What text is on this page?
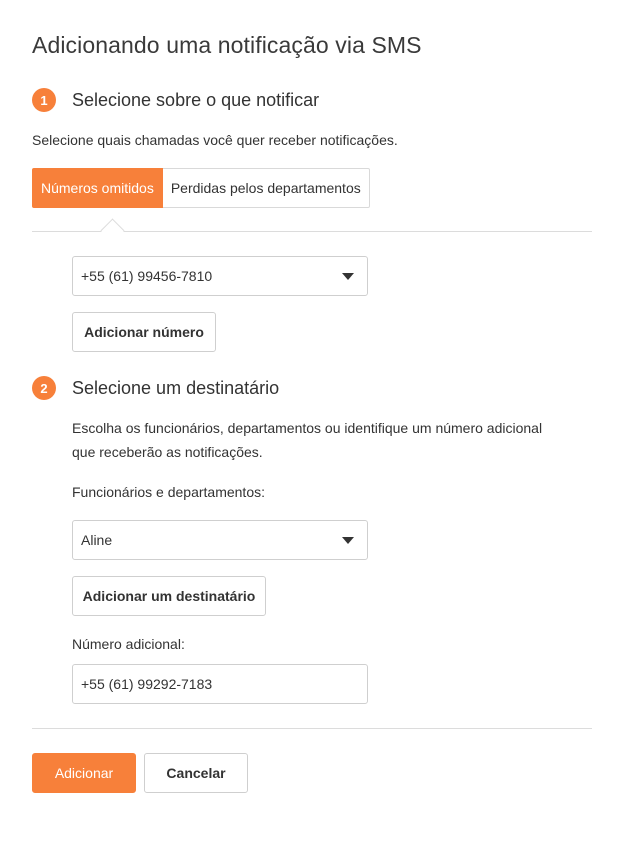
Adicionando uma notificação via SMS
1	Selecione sobre o que notificar

Selecione quais chamadas você quer receber notificações.

Números omitidos	Perdidas pelos departamentos
+55 (61) 99456-7810
Adicionar número
2	Selecione um destinatário

Escolha os funcionários, departamentos ou identifique um número adicional

que receberão as notificações.

Funcionários e departamentos:

Aline
Adicionar um destinatário

Número adicional:

+55 (61) 99292-7183
Adicionar	Cancelar
